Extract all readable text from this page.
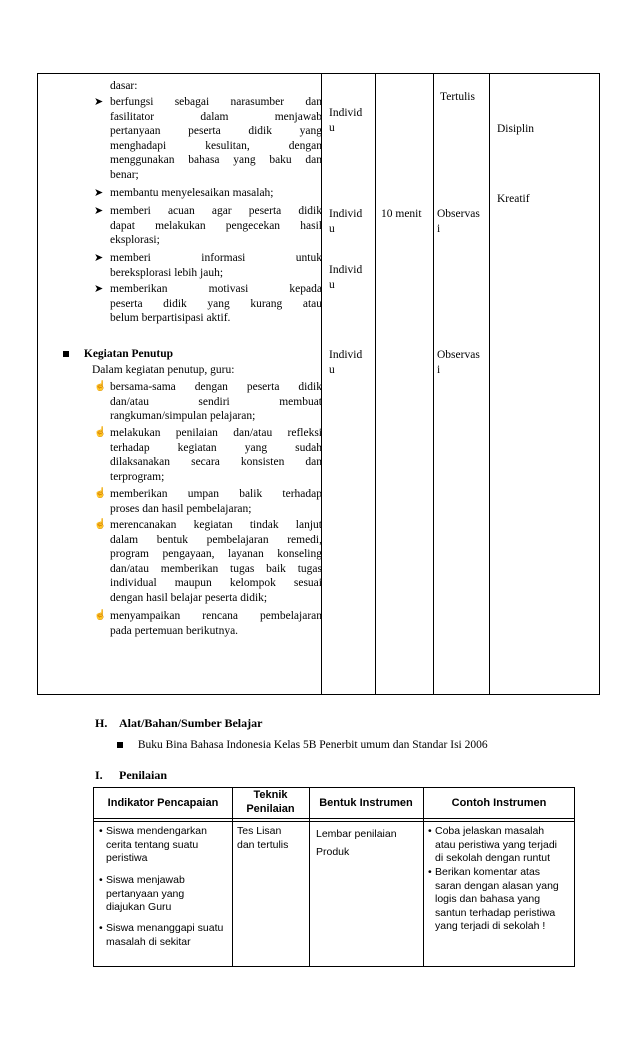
dasar:
➤ berfungsi sebagai narasumber dan
fasilitator dalam menjawab
pertanyaan peserta didik yang
menghadapi kesulitan, dengan
menggunakan bahasa yang baku dan
benar;
➤ membantu menyelesaikan masalah;
➤ memberi acuan agar peserta didik
dapat melakukan pengecekan hasil
eksplorasi;
➤ memberi informasi untuk
bereksplorasi lebih jauh;
➤ memberikan motivasi kepada
peserta didik yang kurang atau
belum berpartisipasi aktif.
Kegiatan Penutup
Dalam kegiatan penutup, guru:
☝ bersama-sama dengan peserta didik
dan/atau sendiri membuat
rangkuman/simpulan pelajaran;
☝ melakukan penilaian dan/atau refleksi
terhadap kegiatan yang sudah
dilaksanakan secara konsisten dan
terprogram;
☝ memberikan umpan balik terhadap
proses dan hasil pembelajaran;
☝ merencanakan kegiatan tindak lanjut
dalam bentuk pembelajaran remedi,
program pengayaan, layanan konseling
dan/atau memberikan tugas baik tugas
individual maupun kelompok sesuai
dengan hasil belajar peserta didik;
☝ menyampaikan rencana pembelajaran
pada pertemuan berikutnya.
Individ
u
Individ
u
Individ
u
Individ
u
10 menit
Tertulis
Observas
i
Observas
i
Disiplin
Kreatif
H. Alat/Bahan/Sumber Belajar
Buku Bina Bahasa Indonesia Kelas 5B Penerbit umum dan Standar Isi 2006
I. Penilaian
Indikator Pencapaian
Teknik
Penilaian	Bentuk Instrumen	Contoh Instrumen
• Siswa mendengarkan
cerita tentang suatu
peristiwa
• Siswa menjawab
pertanyaan yang
diajukan Guru
• Siswa menanggapi suatu
masalah di sekitar
Tes Lisan
dan tertulis
Lembar penilaian
Produk
• Coba jelaskan masalah
atau peristiwa yang terjadi
di sekolah dengan runtut
• Berikan komentar atas
saran dengan alasan yang
logis dan bahasa yang
santun terhadap peristiwa
yang terjadi di sekolah !
